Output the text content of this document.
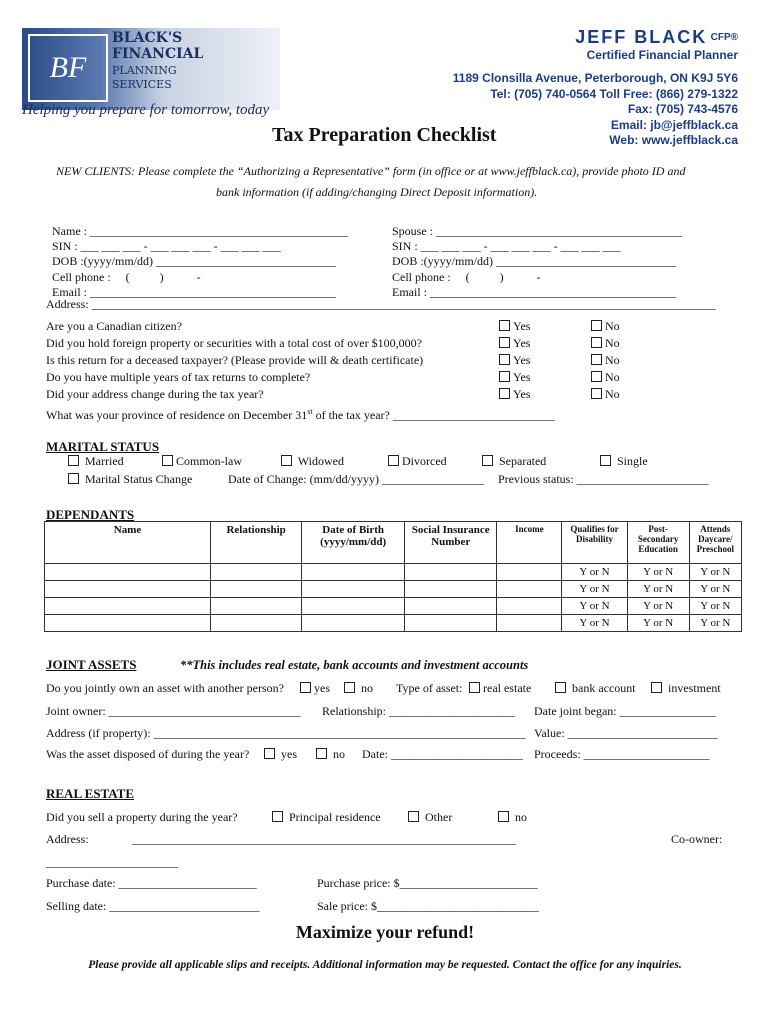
BF
BLACK'S
FINANCIAL
PLANNING
SERVICES
Helping you prepare for tomorrow, today
JEFF BLACK $^{CFP®}$
Certified Financial Planner
1189 Clonsilla Avenue, Peterborough, ON K9J 5Y6
Tel: (705) 740-0564 Toll Free: (866) 279-1322
Fax: (705) 743-4576
Email: jb@jeffblack.ca
Web: www.jeffblack.ca
Tax Preparation Checklist
NEW CLIENTS: Please complete the “Authorizing a Representative” form (in office or at www.jeffblack.ca), provide photo ID and
bank information (if adding/changing Direct Deposit information).
Name : ___________________________________________
SIN : ___ ___ ___ - ___ ___ ___ - ___ ___ ___
DOB :(yyyy/mm/dd) ______________________________
Cell phone :     (          )           -
Email : _________________________________________
Spouse : _________________________________________
SIN : ___ ___ ___ - ___ ___ ___ - ___ ___ ___
DOB :(yyyy/mm/dd) ______________________________
Cell phone :     (          )           -
Email : _________________________________________
Address: ________________________________________________________________________________________________________
Are you a Canadian citizen?	Yes	No
Did you hold foreign property or securities with a total cost of over $100,000?	Yes	No
Is this return for a deceased taxpayer? (Please provide will & death certificate)	Yes	No
Do you have multiple years of tax returns to complete?	Yes	No
Did your address change during the tax year?	Yes	No
What was your province of residence on December 31st of the tax year? ___________________________
MARITAL STATUS
Married	Common-law	Widowed	Divorced	Separated	Single
Marital Status Change	Date of Change: (mm/dd/yyyy) _________________ Previous status: ______________________
DEPENDANTS
Name	Relationship	Date of Birth (yyyy/mm/dd)	Social Insurance Number	Income	Qualifies for Disability	Post-Secondary Education	Attends Daycare/ Preschool
					Y or N	Y or N	Y or N
					Y or N	Y or N	Y or N
					Y or N	Y or N	Y or N
					Y or N	Y or N	Y or N
JOINT ASSETS	**This includes real estate, bank accounts and investment accounts
Do you jointly own an asset with another person?	yes	no Type of asset:	real estate	bank account	investment
Joint owner: ________________________________ Relationship: _____________________ Date joint began: ________________
Address (if property): ______________________________________________________________ Value: _________________________
Was the asset disposed of during the year?	yes	no Date: ______________________ Proceeds: _____________________
REAL ESTATE
Did you sell a property during the year?	Principal residence	Other	no
Address:	________________________________________________________________	Co-owner:
______________________
Purchase date: _______________________	Purchase price: $_______________________
Selling date: _________________________	Sale price: $___________________________
Maximize your refund!
Please provide all applicable slips and receipts. Additional information may be requested. Contact the office for any inquiries.
